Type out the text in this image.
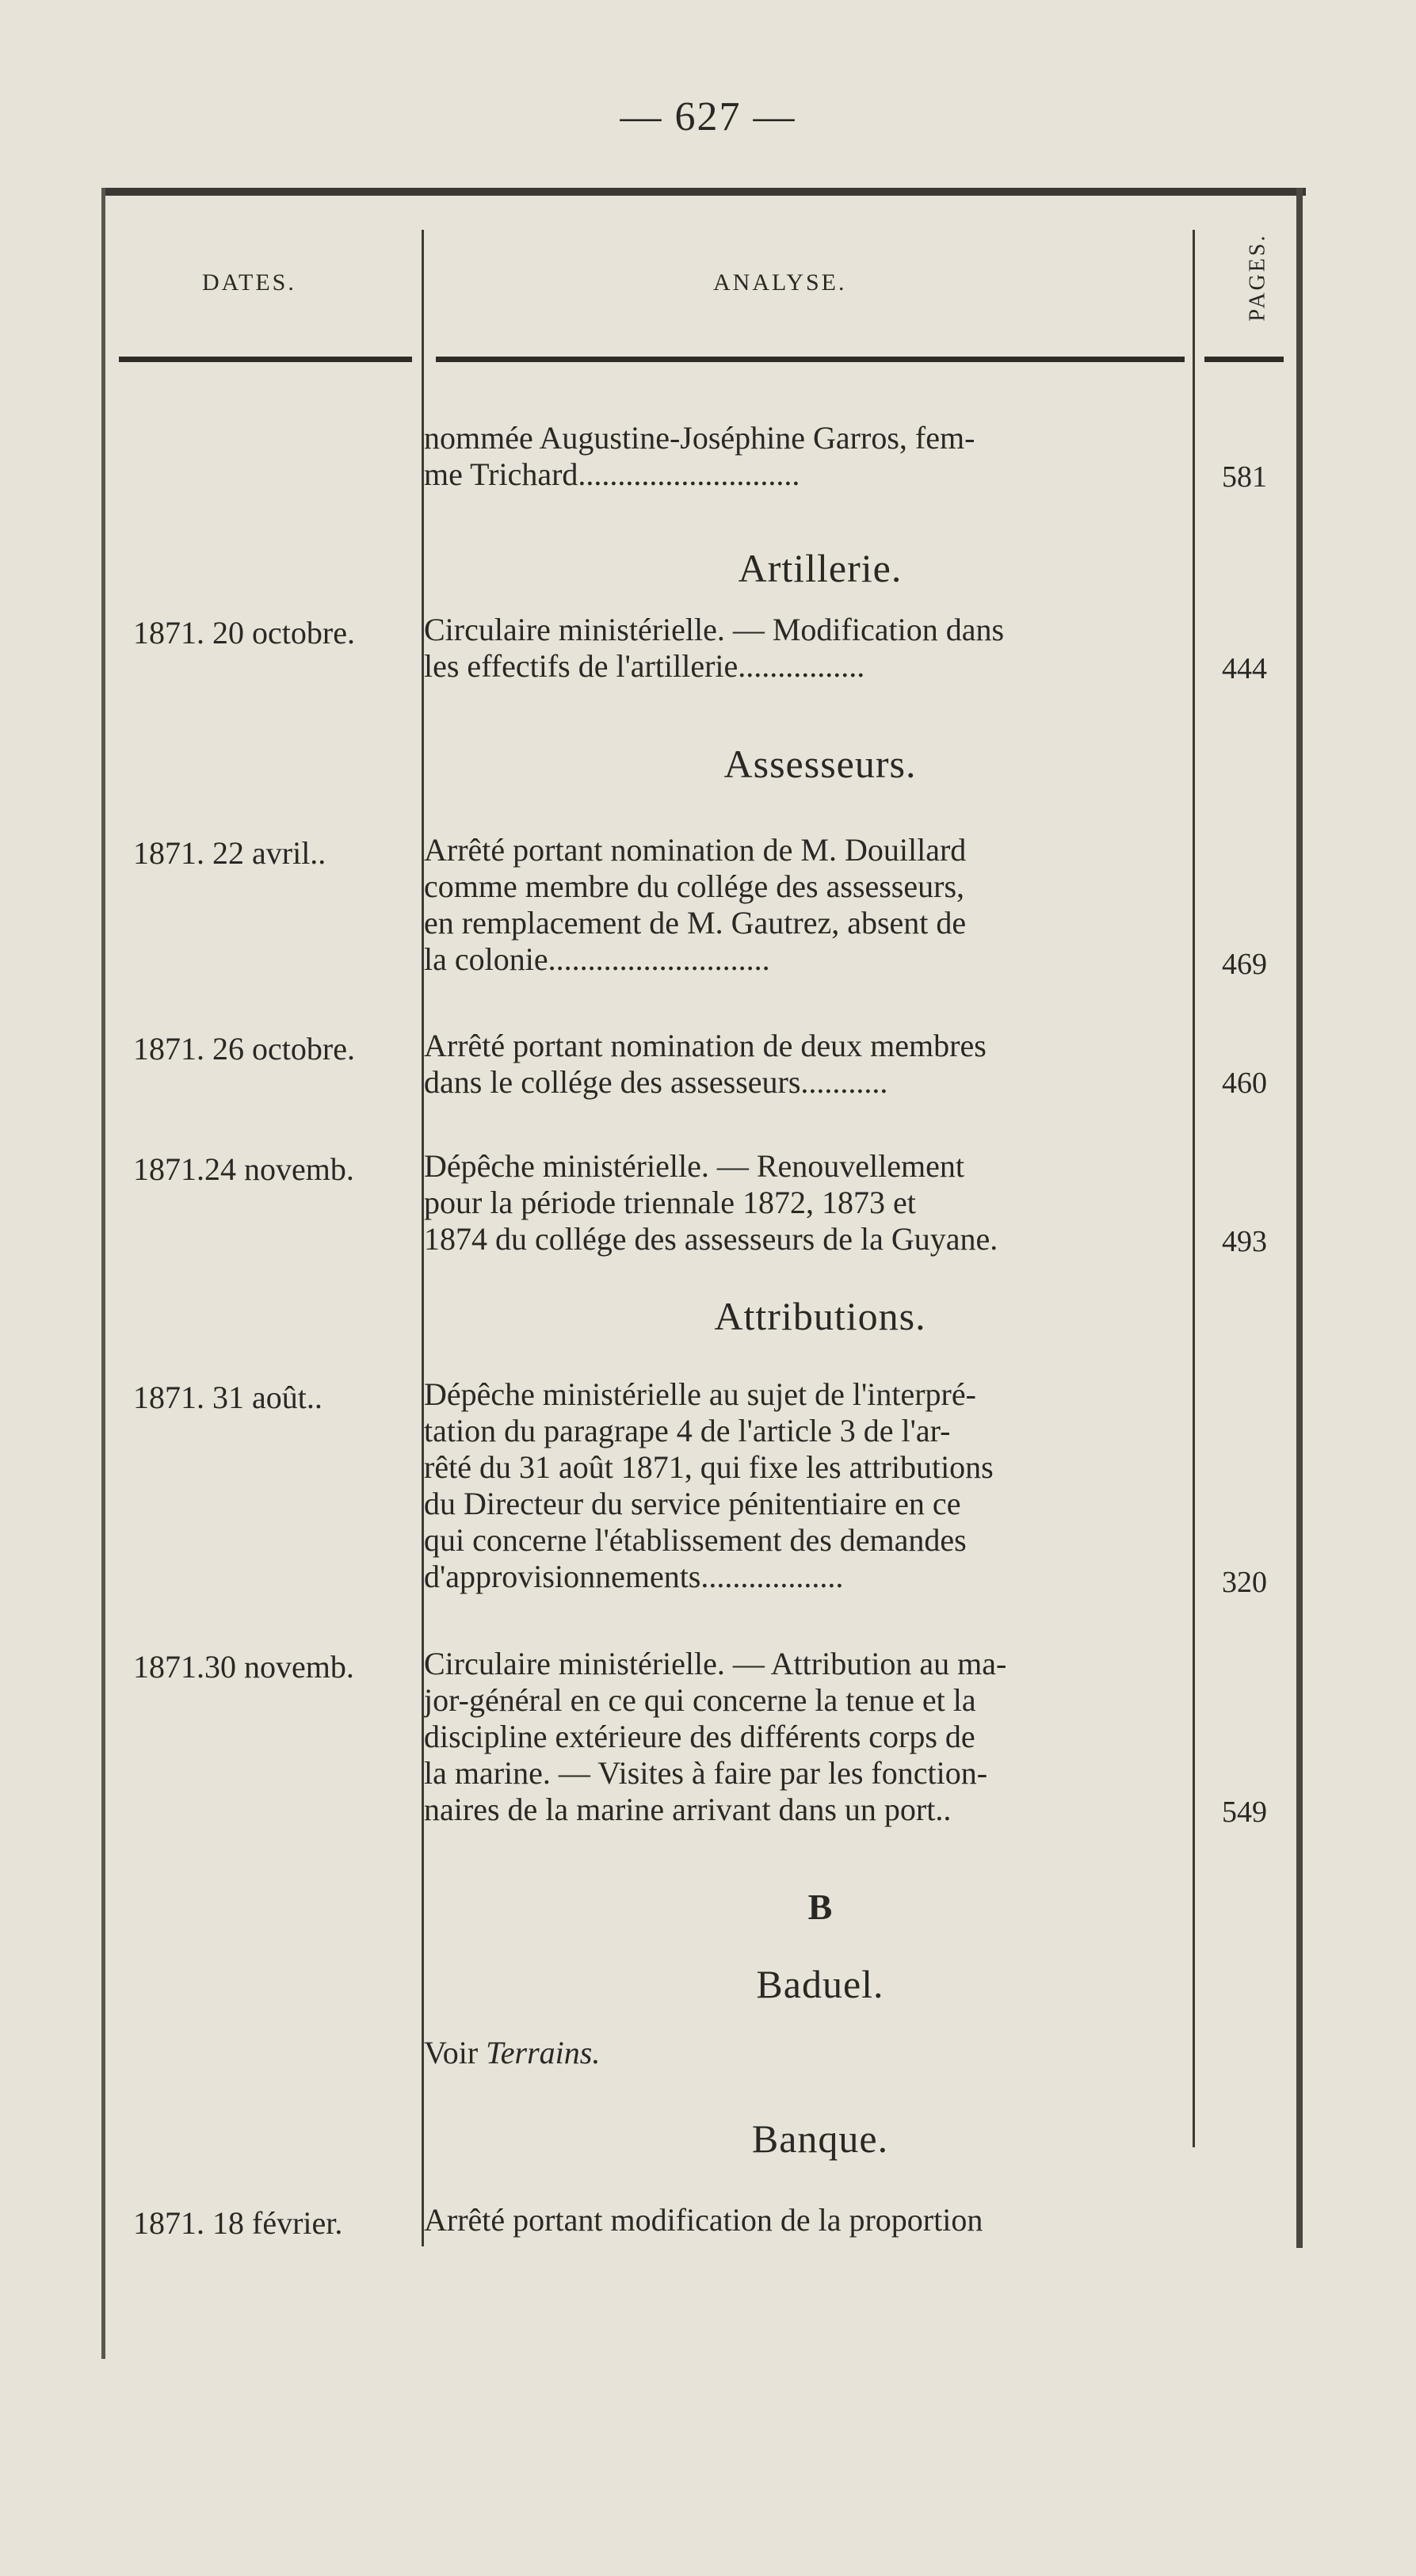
— 627 —
DATES.	ANALYSE.	PAGES.
nommée Augustine-Joséphine Garros, fem-
me Trichard............................	581
Artillerie.
1871. 20 octobre.	Circulaire ministérielle. — Modification dans
les effectifs de l'artillerie................	444
Assesseurs.
1871. 22 avril..	Arrêté portant nomination de M. Douillard
comme membre du collége des assesseurs,
en remplacement de M. Gautrez, absent de
la colonie............................	469
1871. 26 octobre.	Arrêté portant nomination de deux membres
dans le collége des assesseurs...........	460
1871.24 novemb.	Dépêche ministérielle. — Renouvellement
pour la période triennale 1872, 1873 et
1874 du collége des assesseurs de la Guyane.	493
Attributions.
1871. 31 août..	Dépêche ministérielle au sujet de l'interpré-
tation du paragrape 4 de l'article 3 de l'ar-
rêté du 31 août 1871, qui fixe les attributions
du Directeur du service pénitentiaire en ce
qui concerne l'établissement des demandes
d'approvisionnements..................	320
1871.30 novemb.	Circulaire ministérielle. — Attribution au ma-
jor-général en ce qui concerne la tenue et la
discipline extérieure des différents corps de
la marine. — Visites à faire par les fonction-
naires de la marine arrivant dans un port..	549
B
Baduel.
Voir Terrains.
Banque.
1871. 18 février.	Arrêté portant modification de la proportion
